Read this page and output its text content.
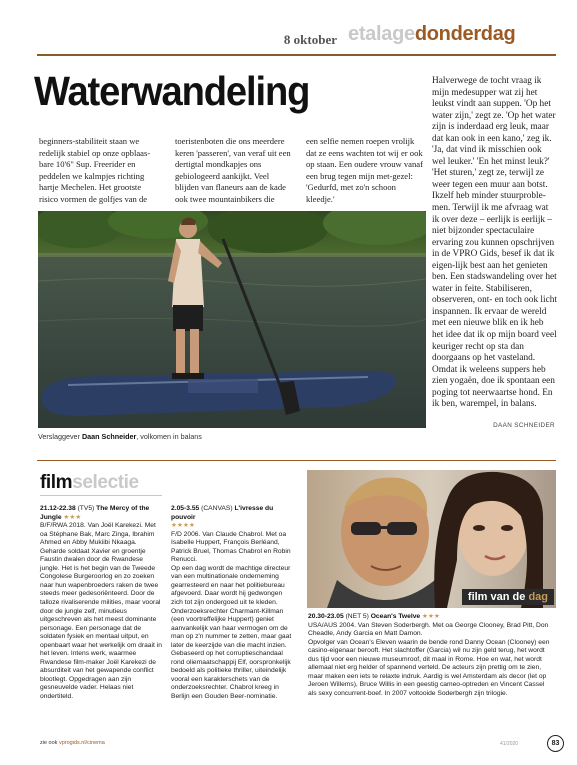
8 oktober etalagedonderdag
Waterwandeling

beginners-stabiliteit staan we redelijk stabiel op onze opblaas-bare 10'6" Sup. Freerider en peddelen we kalmpjes richting hartje Mechelen. Het grootste risico vormen de golfjes van de

toeristenboten die ons meerdere keren 'passeren', van veraf uit een dertigtal mondkapjes ons gebiologeerd aankijkt. Veel blijden van flaneurs aan de kade ook twee mountainbikers die

een selfie nemen roepen vrolijk dat ze eens wachten tot wij er ook op staan. Een oudere vrouw vanaf een brug tegen mijn met-gezel: 'Gedurfd, met zo'n schoon kleedje.'

Halverwege de tocht vraag ik mijn medesupper wat zij het leukst vindt aan suppen. 'Op het water zijn,' zegt ze. 'Op het water zijn is inderdaad erg leuk, maar dat kan ook in een kano,' zeg ik. 'Ja, dat vind ik misschien ook wel leuker.' 'En het minst leuk?' 'Het sturen,' zegt ze, terwijl ze weer tegen een muur aan botst.

Ikzelf heb minder stuurproble-men. Terwijl ik me afvraag wat ik over deze – eerlijk is eerlijk – niet bijzonder spectaculaire ervaring zou kunnen opschrijven in de VPRO Gids, besef ik dat ik eigen-lijk best aan het genieten ben. Een stadswandeling over het water in feite. Stabiliseren, observeren, ont- en toch ook licht inspannen. Ik ervaar de wereld met een nieuwe blik en ik heb het idee dat ik op mijn board veel keuriger recht op sta dan doorgaans op het vasteland. Omdat ik weleens suppers heb zien yogaën, doe ik spontaan een poging tot neerwaartse hond. En ik ben, warempel, in balans.

DAAN SCHNEIDER
Verslaggever Daan Schneider, volkomen in balans
filmselectie
21.12-22.38 (TV5) The Mercy of the Jungle ★★★
B/F/RWA 2018. Van Joël Karekezi. Met oa Stéphane Bak, Marc Zinga, Ibrahim Ahmed en Abby Mukiibi Nkaaga.
Geharde soldaat Xavier en groentje Faustin dwalen door de Rwandese jungle. Het is het begin van de Tweede Congolese Burgeroorlog en zo zoeken naar hun wapenbroeders raken de twee steeds meer gedesoriënteerd. Door de talloze rivaliserende milities, maar vooral door de jungle zelf, minutieus uitgeschreven als het meest dominante personage. Een personage dat de soldaten fysiek en mentaal uitput, en openbaart waar het werkelijk om draait in het leven. Intens werk, waarmee Rwandese film-maker Joël Karekezi de absurditeit van het gewapende conflict blootlegt. Opgedragen aan zijn gesneuvelde vader. Helaas niet ondertiteld.
2.05-3.55 (CANVAS) L'ivresse du pouvoir
★★★★
F/D 2006. Van Claude Chabrol. Met oa Isabelle Huppert, François Berléand, Patrick Bruel, Thomas Chabrol en Robin Renucci.
Op een dag wordt de machtige directeur van een multinationale onderneming gearresteerd en naar het politiebureau afgevoerd. Daar wordt hij gedwongen zich tot zijn ondergoed uit te kleden. Onderzoeksrechter Charmant-Killman (een voortreffelijke Huppert) geniet aanvankelijk van haar vermogen om de man op z'n nummer te zetten, maar gaat later de keerzijde van die macht inzien. Gebaseerd op het corruptieschandaal rond oliemaatschappij Elf, oorspronkelijk bedoeld als politieke thriller, uiteindelijk vooral een karakterschets van de onderzoeksrechter. Chabrol kreeg in Berlijn een Gouden Beer-nominatie.
film van de dag
20.30-23.05 (NET 5) Ocean's Twelve ★★★
USA/AUS 2004. Van Steven Soderbergh. Met oa George Clooney, Brad Pitt, Don Cheadle, Andy Garcia en Matt Damon.
Opvolger van Ocean's Eleven waarin de bende rond Danny Ocean (Clooney) een casino-eigenaar berooft. Het slachtoffer (Garcia) wil nu zijn geld terug, het wordt dus tijd voor een nieuwe museumroof, dit maal in Rome. Hoe en wat, het wordt allemaal niet erg helder of spannend verteld. De acteurs zijn prettig om te zien, maar maken een iets te relaxte indruk. Aardig is wel Amsterdam als decor (let op Jeroen Willems), Bruce Willis in een geestig cameo-optreden en Vincent Cassel als sexy concurrent-boef. In 2007 voltooide Soderbergh zijn trilogie.
zie ook vprogids.nl/cinema	41/2020	83
